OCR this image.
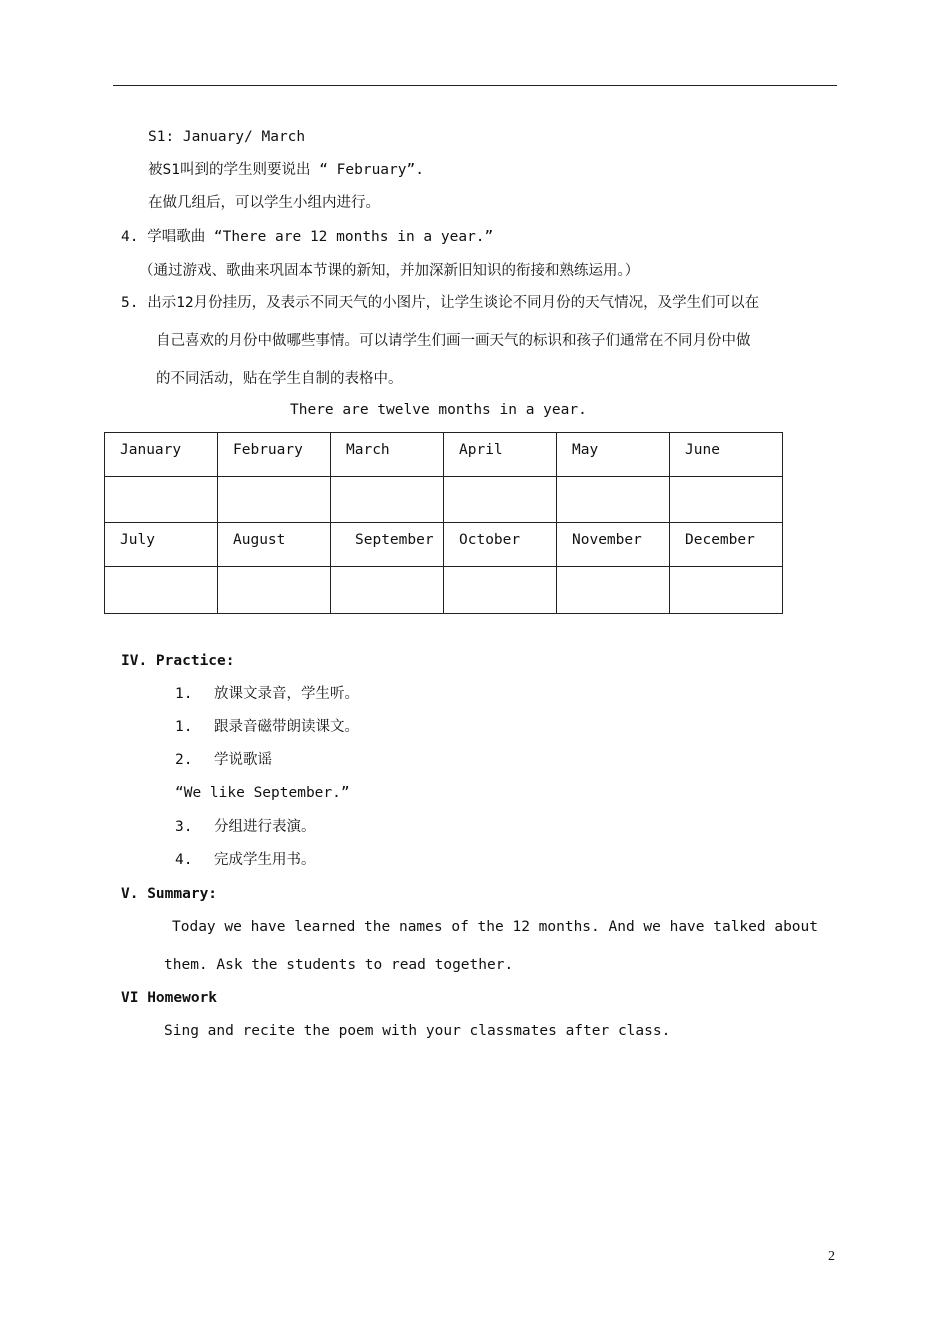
S1: January/ March
被S1叫到的学生则要说出 “ February”.
在做几组后，可以学生小组内进行。
4. 学唱歌曲 “There are 12 months in a year.”
（通过游戏、歌曲来巩固本节课的新知，并加深新旧知识的衔接和熟练运用。）
5. 出示12月份挂历，及表示不同天气的小图片，让学生谈论不同月份的天气情况，及学生们可以在
自己喜欢的月份中做哪些事情。可以请学生们画一画天气的标识和孩子们通常在不同月份中做
的不同活动，贴在学生自制的表格中。
There are twelve months in a year.
January	February	March	April	May	June

July	August	September	October	November	December

IV. Practice:
1. 放课文录音，学生听。
1. 跟录音磁带朗读课文。
2. 学说歌谣
“We like September.”
3. 分组进行表演。
4. 完成学生用书。
V. Summary:
Today we have learned the names of the 12 months. And we have talked about
them. Ask the students to read together.
VI Homework
Sing and recite the poem with your classmates after class.
2
